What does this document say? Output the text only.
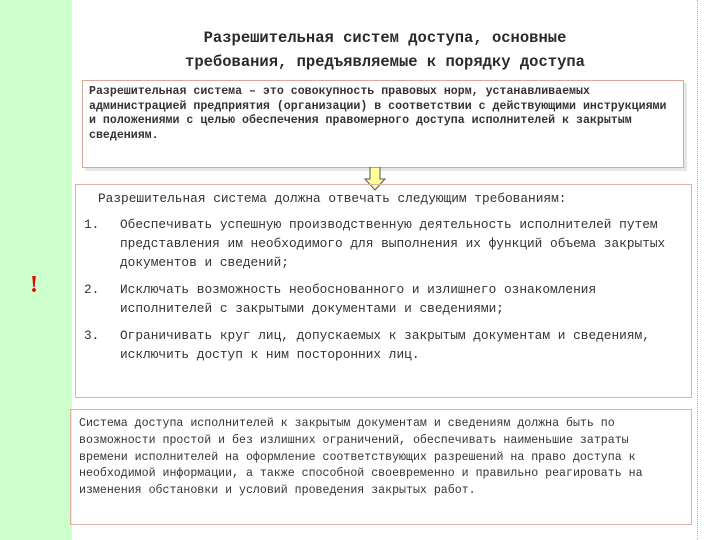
Разрешительная систем доступа, основные
требования, предъявляемые к порядку доступа
Разрешительная система – это совокупность правовых норм, устанавливаемых администрацией предприятия (организации) в соответствии с действующими инструкциями и положениями с целью обеспечения правомерного доступа исполнителей к закрытым сведениям.
Разрешительная система должна отвечать следующим требованиям:
1.	Обеспечивать успешную производственную деятельность исполнителей путем представления им необходимого для выполнения их функций объема закрытых документов и сведений;
2.	Исключать возможность необоснованного и излишнего ознакомления исполнителей с закрытыми документами и сведениями;
3.	Ограничивать круг лиц, допускаемых к закрытым документам и сведениям, исключить доступ к ним посторонних лиц.
!
Система доступа исполнителей к закрытым документам и сведениям должна быть по возможности простой и без излишних ограничений, обеспечивать наименьшие затраты времени исполнителей на оформление соответствующих разрешений на право доступа к необходимой информации, а также способной своевременно и правильно реагировать на изменения обстановки и условий проведения закрытых работ.
